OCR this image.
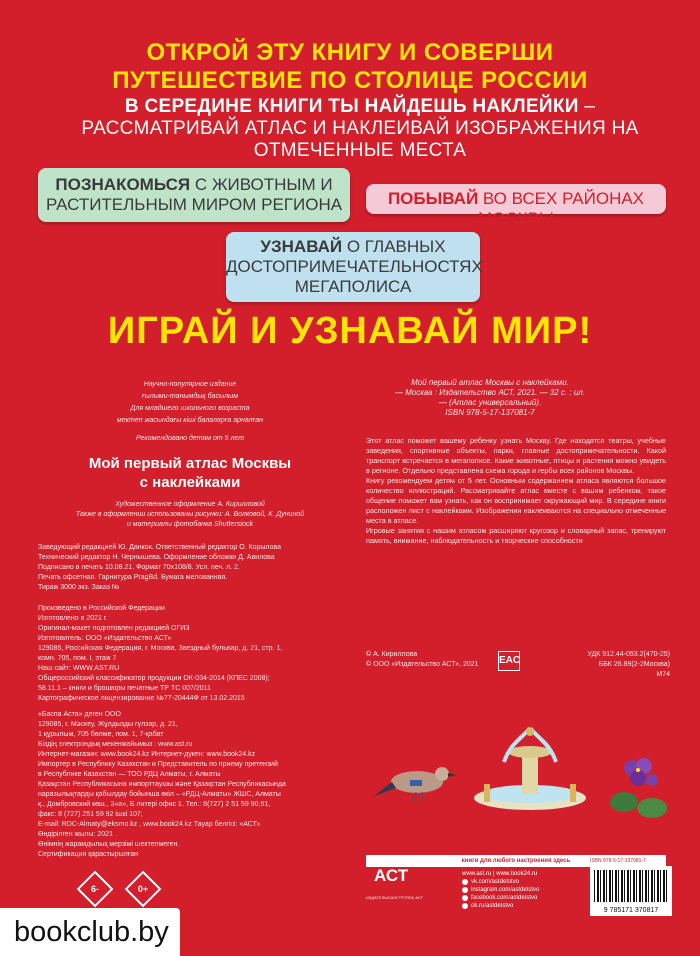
ОТКРОЙ ЭТУ КНИГУ И СОВЕРШИ
ПУТЕШЕСТВИЕ ПО СТОЛИЦЕ РОССИИ
В СЕРЕДИНЕ КНИГИ ТЫ НАЙДЕШЬ НАКЛЕЙКИ – РАССМАТРИВАЙ АТЛАС И НАКЛЕИВАЙ ИЗОБРАЖЕНИЯ НА ОТМЕЧЕННЫЕ МЕСТА
ПОЗНАКОМЬСЯ С ЖИВОТНЫМ И РАСТИТЕЛЬНЫМ МИРОМ РЕГИОНА	ПОБЫВАЙ ВО ВСЕХ РАЙОНАХ МОСКВЫ
УЗНАВАЙ О ГЛАВНЫХ ДОСТОПРИМЕЧАТЕЛЬНОСТЯХ МЕГАПОЛИСА
ИГРАЙ И УЗНАВАЙ МИР!
Научно-популярное издание
ғылыми-танымдық басылым
Для младшего школьного возраста
мектеп жасындағы кіші балаларға арналған
Рекомендовано детям от 5 лет
Мой первый атлас Москвы
с наклейками
Художественное оформление А. Кирилловой
Также в оформлении использованы рисунки: А. Волковой, К. Дуниной
и материалы фотобанка Shutterstock
Заведующий редакцией Ю. Данкок. Ответственный редактор О. Корылова
Технический редактор Н. Чернышева. Оформление обложки Д. Авилова
Подписано в печать 10.08.21. Формат 70x108/8. Усл. печ. л. 2.
Печать офсетная. Гарнитура PragBd. Бумага мелованная.
Тираж 3000 экз. Заказ №
Произведено в Российской Федерации
Изготовлено в 2021 г.
Оригинал-макет подготовлен редакцией ОГИЗ
Изготовитель: ООО «Издательство АСТ»
129085, Российская Федерация, г. Москва, Звездный бульвар, д. 21, стр. 1,
комн. 705, пом. I, этаж 7
Наш сайт: WWW.AST.RU
Общероссийский классификатор продукции ОК-034-2014 (КПЕС 2008);
58.11.1 – книги и брошюры печатные ТР ТС 007/2011
Картографическое лицензирование №77-20444Ф от 13.02.2015
«Баспа Аста» деген ООО
129085, г. Мәскеу, Жұлдызды гүлзар, д. 21,
1 құрылым, 705 бөлме, пом. 1, 7-қабат
Біздің электрондық мекенжайымыз : www.ast.ru
Интернет-магазин: www.book24.kz Интернет-дүкен: www.book24.kz
Импортер в Республику Казахстан и Представитель по приему претензий
в Республике Казахстан — ТОО РДЦ Алматы, г. Алматы
Қазақстан Республикасына импорттаушы және Қазақстан Республикасында
наразылықтарды қабылдау бойынша өкіл – «РДЦ-Алматы» ЖШС, Алматы
қ., Домбровский көш., 3«а», Б литері офис 1. Тел.: 8(727) 2 51 59 90,91,
факс: 8 (727) 251 59 92 ішкі 107;
E-mail: RDC-Almaty@eksmo.kz , www.book24.kz Тауар белгісі: «АСТ»
Өндірілген жылы: 2021
Өнімнің жарамдылық мерзімі шектелмеген.
Сертификация қарастырылған
Мой первый атлас Москвы с наклейками.
— Москва : Издательство АСТ, 2021. — 32 с. : ил.
— (Атлас универсальный).
ISBN 978-5-17-137081-7

Этот атлас поможет вашему ребенку узнать Москву. Где находятся театры, учебные заведения, спортивные объекты, парки, главные достопримечательности. Какой транспорт встречается в мегаполисе. Какие животные, птицы и растения можно увидеть в регионе. Отдельно представлена схема города и гербы всех районов Москвы.

Книгу рекомендуем детям от 5 лет. Основным содержанием атласа являются большое количество иллюстраций. Рассматривайте атлас вместе с вашим ребенком, такое общение поможет вам узнать, как он воспринимает окружающий мир. В середине книги расположен лист с наклейками. Изображения наклеиваются на специально отмеченные места в атласе.

Игровые занятия с нашим атласом расширяют кругозор и словарный запас, тренируют память, внимание, наблюдательность и творческие способности

© А. Кириллова
© ООО «Издательство АСТ», 2021	EAC
УДК 912.44-053.2(470-25)
ББК 26.89(2-2Москва)
М74
книги для любого настроения здесь
6-	0+
АСТ
ИЗДАТЕЛЬСКАЯ ГРУППА АСТ
www.ast.ru | www.book24.ru
vk.com/astdetstvo
instagram.com/astdetstvo
facebook.com/astdetstvo
ok.ru/astdetstvo
ISBN 978-5-17-137081-7
9 785171 370817
bookclub.by
